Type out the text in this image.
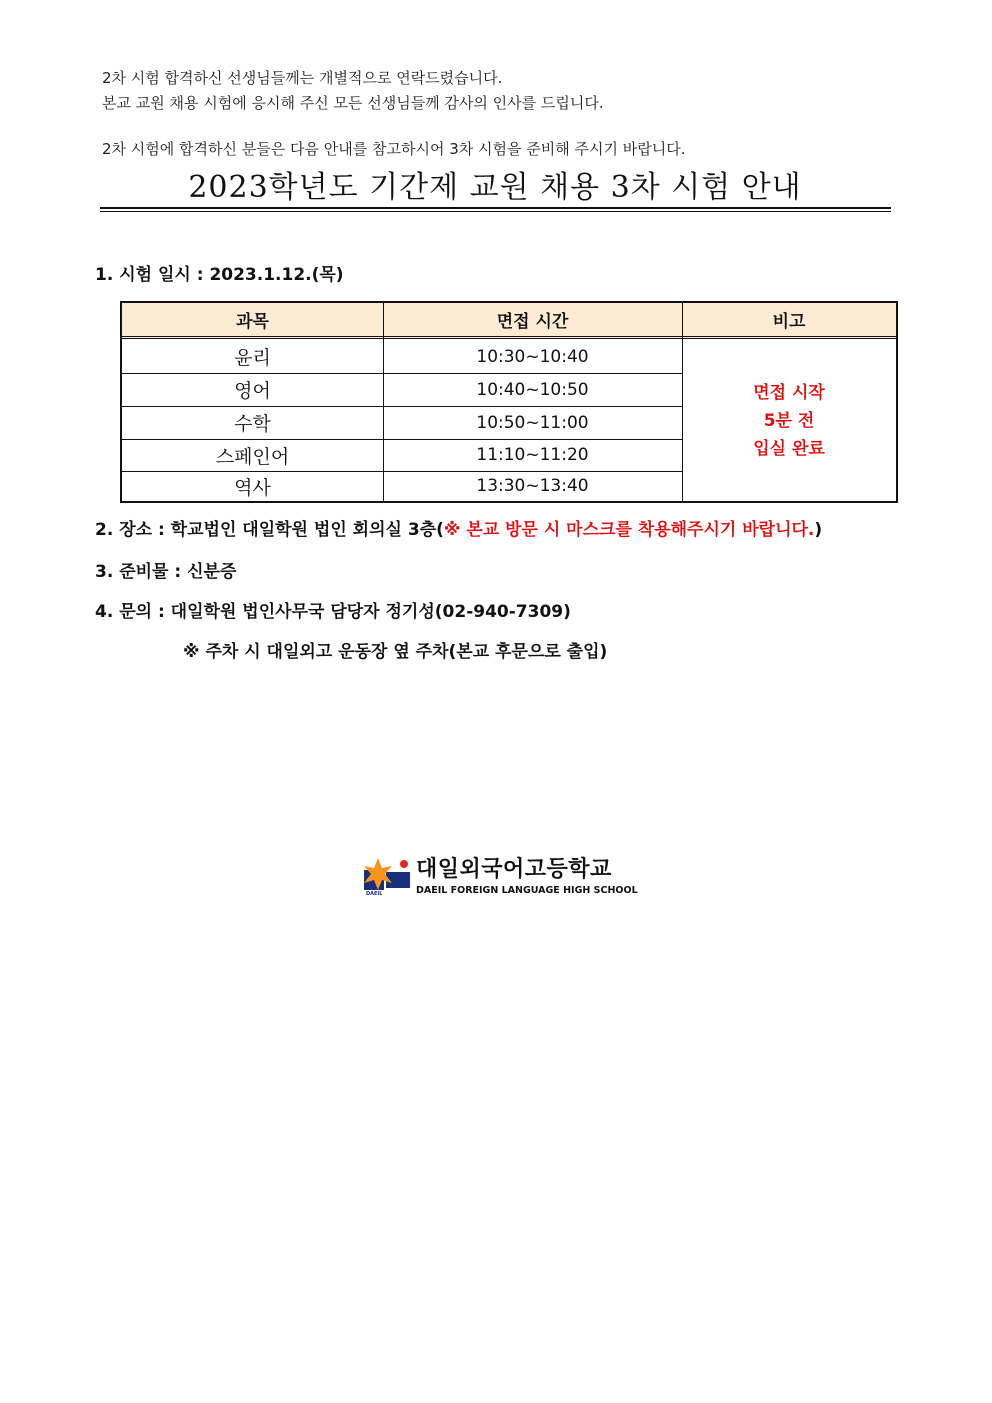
2차 시험 합격하신 선생님들께는 개별적으로 연락드렸습니다.
본교 교원 채용 시험에 응시해 주신 모든 선생님들께 감사의 인사를 드립니다.
2차 시험에 합격하신 분들은 다음 안내를 참고하시어 3차 시험을 준비해 주시기 바랍니다.
2023학년도 기간제 교원 채용 3차 시험 안내
1. 시험 일시 : 2023.1.12.(목)
과목	면접 시간	비고
윤리	10:30~10:40
영어	10:40~10:50
수학	10:50~11:00
스페인어	11:10~11:20
역사	13:30~13:40
면접 시작
5분 전
입실 완료
2. 장소 : 학교법인 대일학원 법인 회의실 3층(※ 본교 방문 시 마스크를 착용해주시기 바랍니다.)
3. 준비물 : 신분증
4. 문의 : 대일학원 법인사무국 담당자 정기성(02-940-7309)
※ 주차 시 대일외고 운동장 옆 주차(본교 후문으로 출입)
DAEIL
대일외국어고등학교
DAEIL FOREIGN LANGUAGE HIGH SCHOOL
